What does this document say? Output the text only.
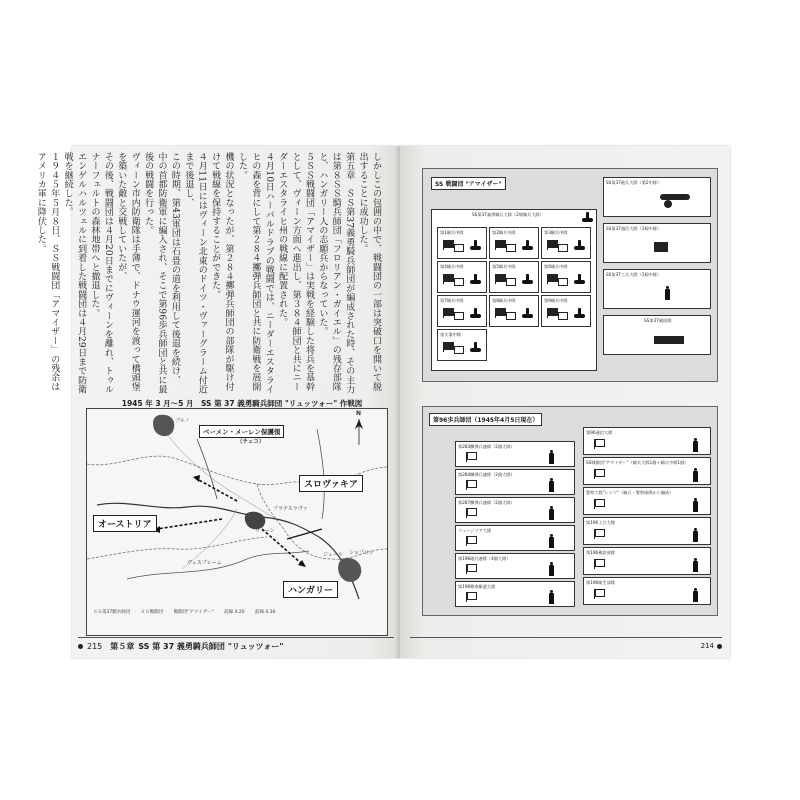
しかしこの包囲の中で、戦闘団の一部は突破口を開いて脱出することに成功した。

第五章　ＳＳ第37義勇騎兵師団が編成された時、その主力は第８ＳＳ騎兵師団「フロリアン・ガイエル」の残存部隊と、ハンガリー人の志願兵からなっていた。

５ＳＳ戦闘団「アマイザー」は実戦を経験した将兵を基幹として、ヴィーン方面へ進出し、第３８４師団と共にニーダーエスタライヒ州の戦線に配置された。

４月10日ハーバルドラブの戦闘では、ニーダーエスタライヒの森を背にして第２８４擲弾兵師団と共に防衛戦を展開した。

機の状況となったが、第２８４擲弾兵師団の部隊が駆け付けて戦線を保持することができた。

４月11日にはヴィーン北東のドイツ・ヴァーグラーム付近まで後退し、

この時期、第43軍団は石畳の道を利用して後退を続け、

中の首都防衛軍に編入され、そこで第96歩兵師団と共に最後の戦闘を行った。

ヴィーン市内防衛隊は手薄で、ドナウ運河を渡って橋頭堡を築いた敵と交戦していたが、

その後、戦闘団は４月20日までにヴィーンを離れ、トゥルナーフェルトの森林地帯へと撤退した。

エンゲルハルツェルに到着した戦闘団は４月29日まで防衛戦を継続した。

１９４５年５月８日、ＳＳ戦闘団「アマイザー」の残余はアメリカ軍に降伏した。

1945 年 3 月～5 月　SS 第 37 義勇騎兵師団 "リュッツォー" 作戦図
N
ベーメン・メーレン保護領
（チェコ）
スロヴァキア
オーストリア
ハンガリー
ブルノ
ウィーン
ブラチスラヴァ
ジェール ショプロン
ヴェスプレーム
ＳＳ第37騎兵師団 ＳＳ戦闘団 戦闘団"アマイザー" 前線 4.20 前線 4.30
215 第５章 SS 第 37 義勇騎兵師団 "リュッツォー"
SS 戦闘団 "アマイザー"
SS第37義勇騎兵大隊（2個騎兵大隊）
第1騎兵中隊	第2騎兵中隊	第3騎兵中隊
第4騎兵中隊	第5騎兵中隊	第6騎兵中隊
第7騎兵中隊	第8騎兵中隊	第9騎兵中隊
重火器中隊
SS第37砲兵大隊（第2中隊）
SS第37通信大隊（1個中隊）
SS第37工兵大隊（1個中隊）
SS第37補給隊
第96歩兵師団（1945年4月5日現在）
第283擲弾兵連隊（2個大隊）
第284擲弾兵連隊（2個大隊）
第287擲弾兵連隊（2個大隊）
フュージリア大隊
第196砲兵連隊（4個大隊）
第196戦車駆逐大隊
第96通信大隊
SS戦闘団"アマイザー"（騎兵大隊1個＋騎兵中隊1個）
警察大隊"レンツ"（騎兵・警察部隊から編成）
第196工兵大隊
第196補給部隊
第196衛生部隊
214
